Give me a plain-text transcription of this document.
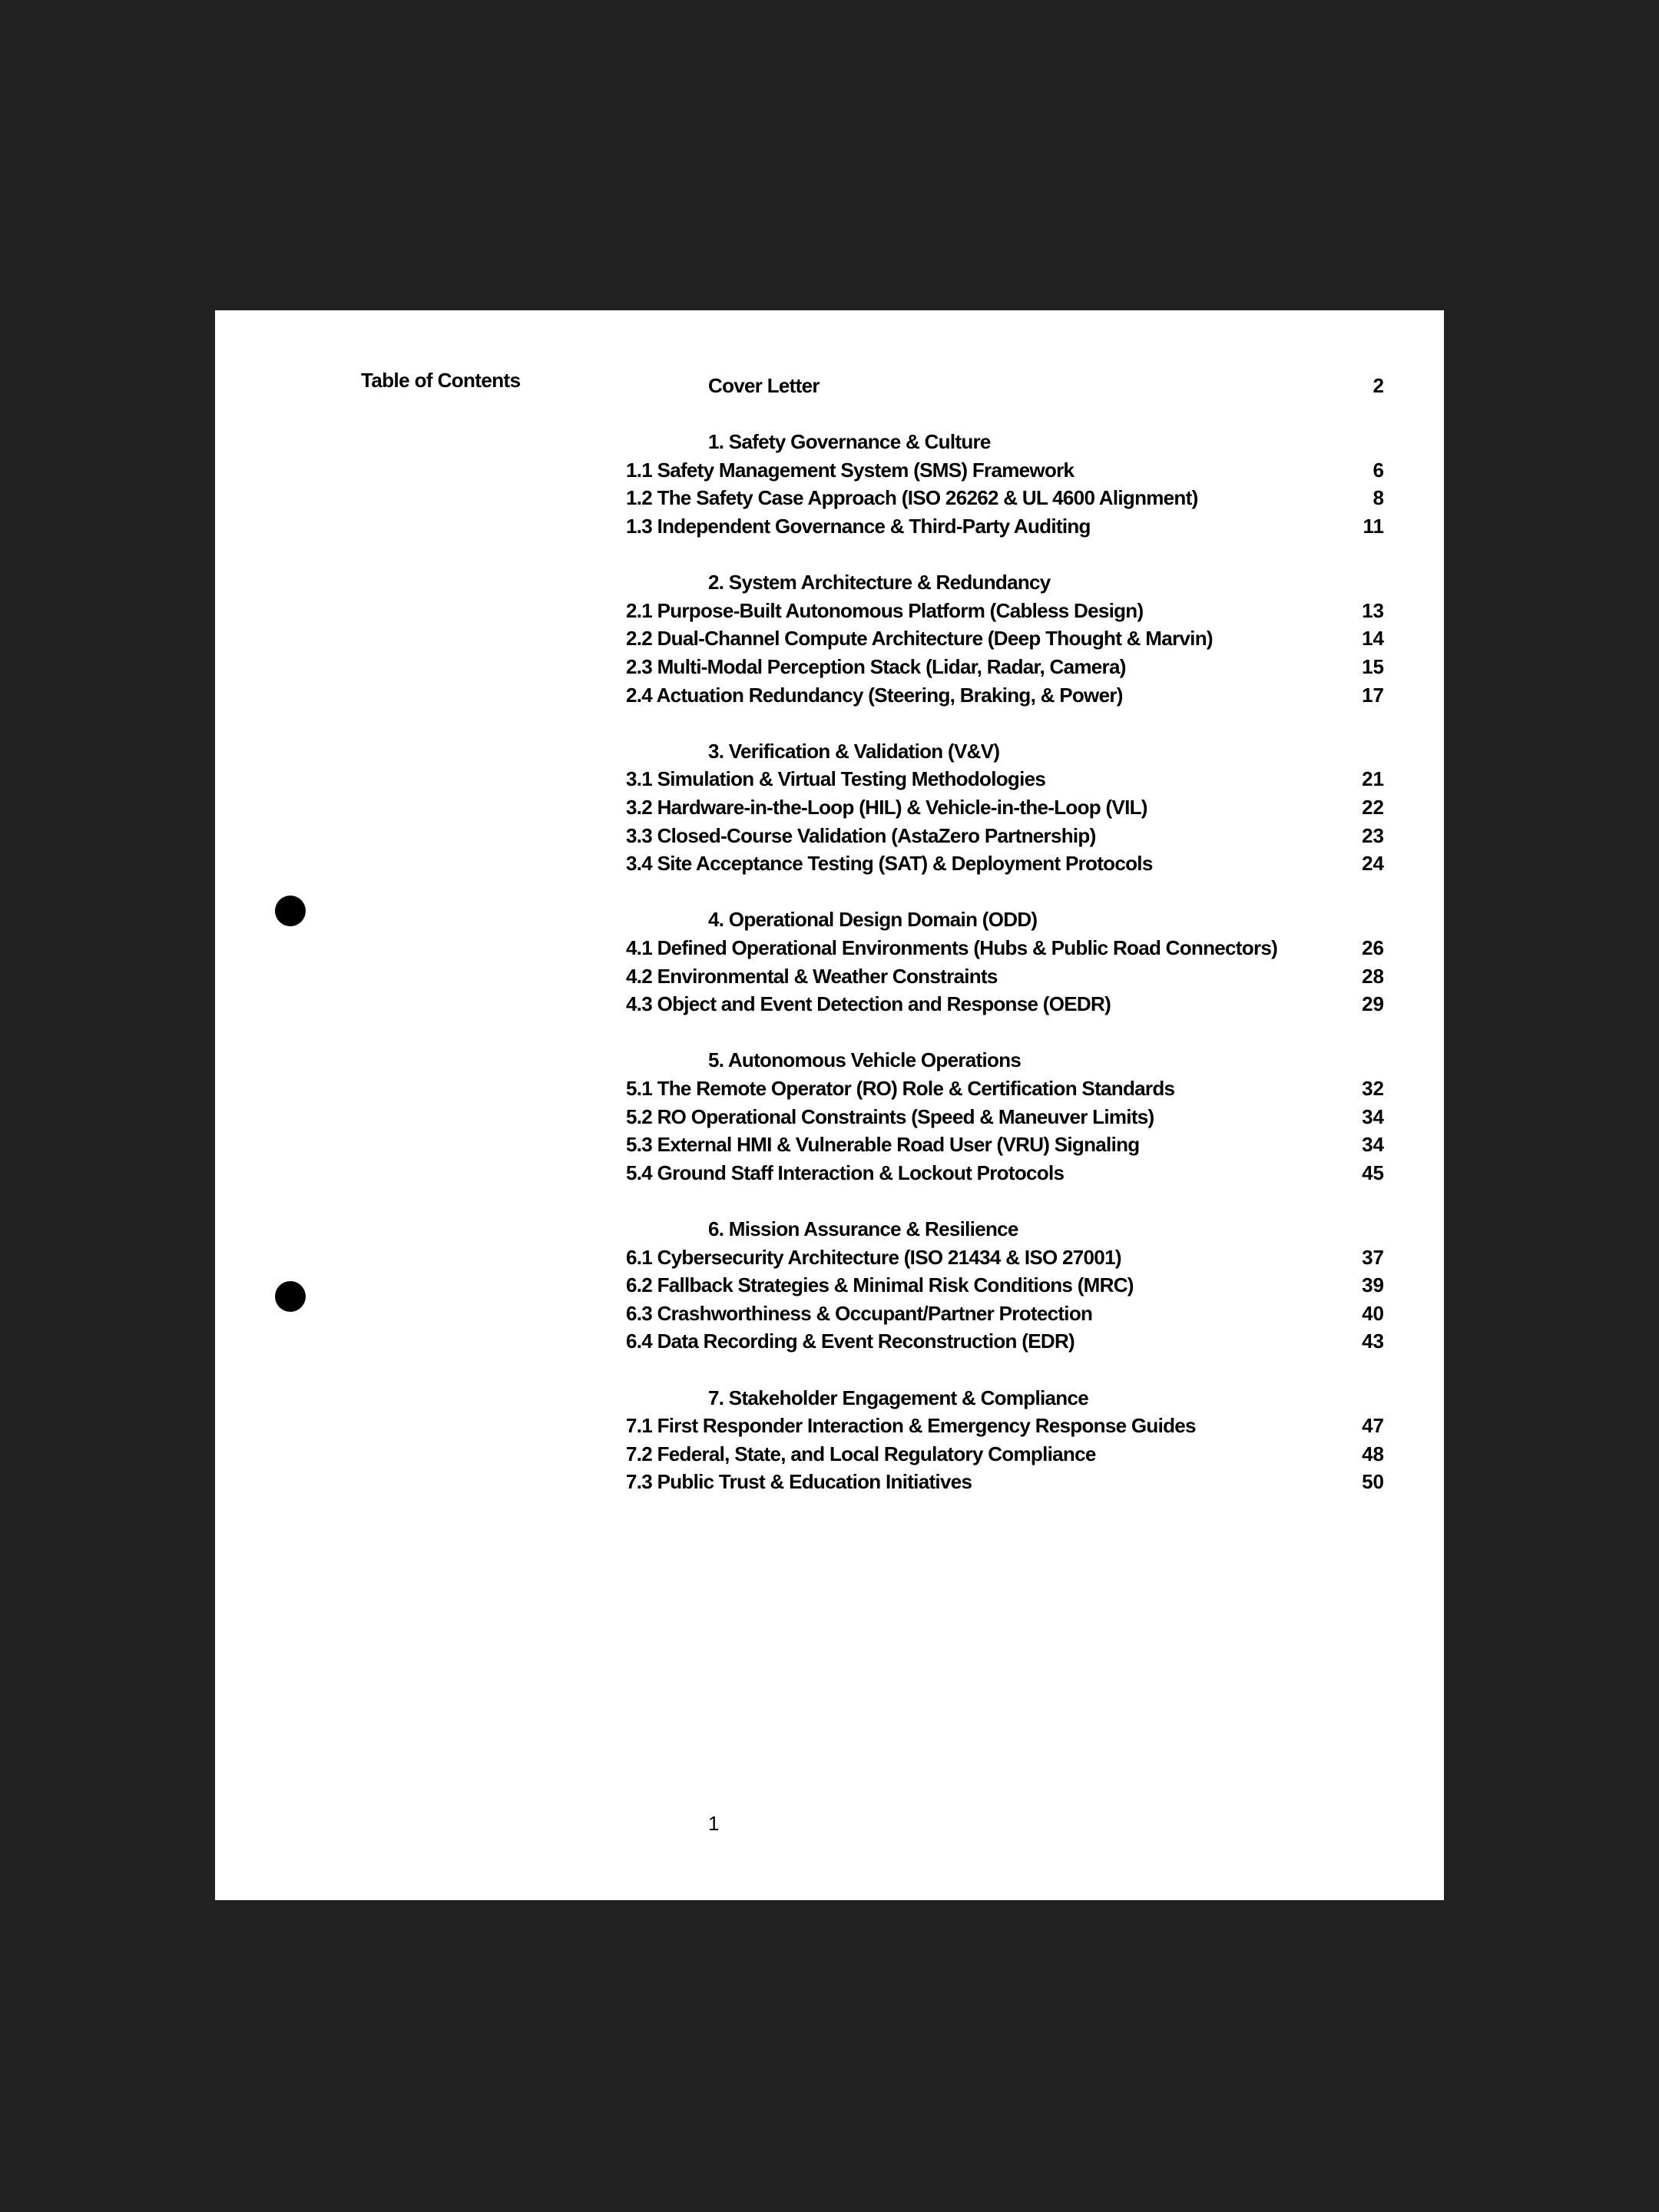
Table of Contents	Cover Letter	2
1. Safety Governance & Culture
1.1 Safety Management System (SMS) Framework	6
1.2 The Safety Case Approach (ISO 26262 & UL 4600 Alignment)	8
1.3 Independent Governance & Third-Party Auditing	11
2. System Architecture & Redundancy
2.1 Purpose-Built Autonomous Platform (Cabless Design)	13
2.2 Dual-Channel Compute Architecture (Deep Thought & Marvin)	14
2.3 Multi-Modal Perception Stack (Lidar, Radar, Camera)	15
2.4 Actuation Redundancy (Steering, Braking, & Power)	17
3. Verification & Validation (V&V)
3.1 Simulation & Virtual Testing Methodologies	21
3.2 Hardware-in-the-Loop (HIL) & Vehicle-in-the-Loop (VIL)	22
3.3 Closed-Course Validation (AstaZero Partnership)	23
3.4 Site Acceptance Testing (SAT) & Deployment Protocols	24
4. Operational Design Domain (ODD)
4.1 Defined Operational Environments (Hubs & Public Road Connectors)	26
4.2 Environmental & Weather Constraints	28
4.3 Object and Event Detection and Response (OEDR)	29
5. Autonomous Vehicle Operations
5.1 The Remote Operator (RO) Role & Certification Standards	32
5.2 RO Operational Constraints (Speed & Maneuver Limits)	34
5.3 External HMI & Vulnerable Road User (VRU) Signaling	34
5.4 Ground Staff Interaction & Lockout Protocols	45
6. Mission Assurance & Resilience
6.1 Cybersecurity Architecture (ISO 21434 & ISO 27001)	37
6.2 Fallback Strategies & Minimal Risk Conditions (MRC)	39
6.3 Crashworthiness & Occupant/Partner Protection	40
6.4 Data Recording & Event Reconstruction (EDR)	43
7. Stakeholder Engagement & Compliance
7.1 First Responder Interaction & Emergency Response Guides	47
7.2 Federal, State, and Local Regulatory Compliance	48
7.3 Public Trust & Education Initiatives	50
1
